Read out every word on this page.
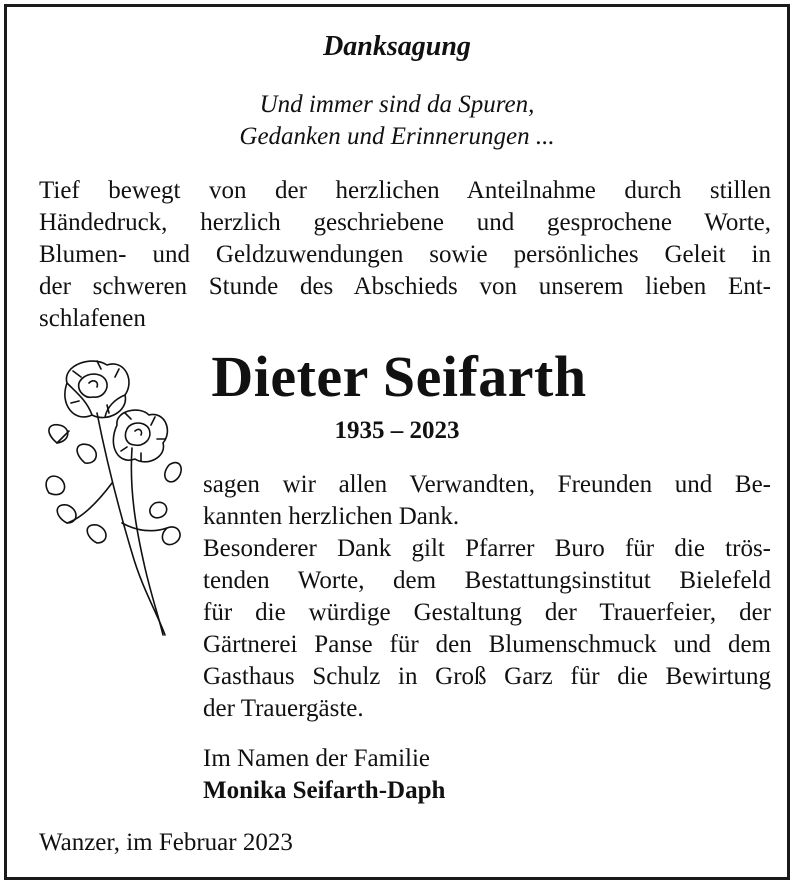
Danksagung
Und immer sind da Spuren,
Gedanken und Erinnerungen ...
Tief bewegt von der herzlichen Anteilnahme durch stillen
Händedruck, herzlich geschriebene und gesprochene Worte,
Blumen- und Geldzuwendungen sowie persönliches Geleit in
der schweren Stunde des Abschieds von unserem lieben Ent-
schlafenen
Dieter Seifarth
1935 – 2023
sagen wir allen Verwandten, Freunden und Be-
kannten herzlichen Dank.
Besonderer Dank gilt Pfarrer Buro für die trös-
tenden Worte, dem Bestattungsinstitut Bielefeld
für die würdige Gestaltung der Trauerfeier, der
Gärtnerei Panse für den Blumenschmuck und dem
Gasthaus Schulz in Groß Garz für die Bewirtung
der Trauergäste.
Im Namen der Familie
Monika Seifarth-Daph
Wanzer, im Februar 2023
